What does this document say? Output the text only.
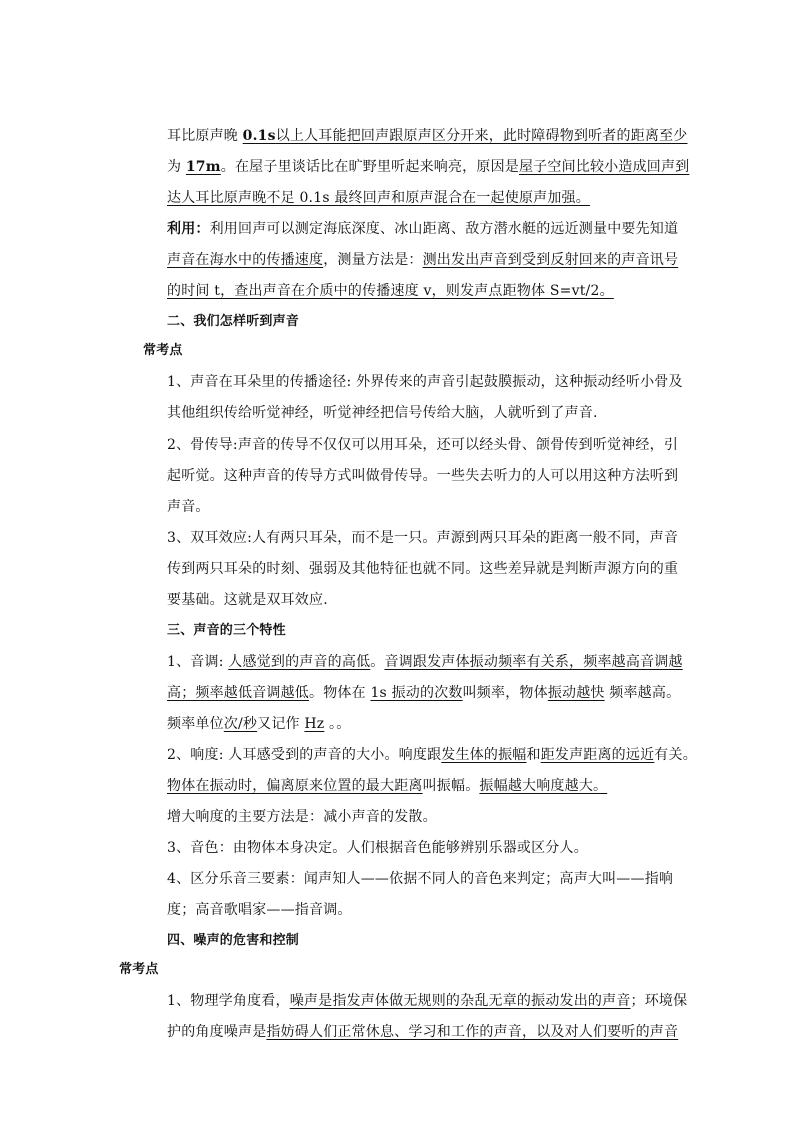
耳比原声晚 0.1s以上人耳能把回声跟原声区分开来，此时障碍物到听者的距离至少
为 17m。在屋子里谈话比在旷野里听起来响亮，原因是屋子空间比较小造成回声到
达人耳比原声晚不足 0.1s 最终回声和原声混合在一起使原声加强。
利用：利用回声可以测定海底深度、冰山距离、敌方潜水艇的远近测量中要先知道
声音在海水中的传播速度，测量方法是：测出发出声音到受到反射回来的声音讯号
的时间 t，查出声音在介质中的传播速度 v，则发声点距物体 S=vt/2。
二、我们怎样听到声音
常考点
1、声音在耳朵里的传播途径: 外界传来的声音引起鼓膜振动，这种振动经听小骨及
其他组织传给听觉神经，听觉神经把信号传给大脑，人就听到了声音.
2、骨传导:声音的传导不仅仅可以用耳朵，还可以经头骨、颌骨传到听觉神经，引
起听觉。这种声音的传导方式叫做骨传导。一些失去听力的人可以用这种方法听到
声音。
3、双耳效应:人有两只耳朵，而不是一只。声源到两只耳朵的距离一般不同，声音
传到两只耳朵的时刻、强弱及其他特征也就不同。这些差异就是判断声源方向的重
要基础。这就是双耳效应.
三、声音的三个特性
1、音调: 人感觉到的声音的高低。音调跟发声体振动频率有关系，频率越高音调越
高；频率越低音调越低。物体在 1s 振动的次数叫频率，物体振动越快 频率越高。
频率单位次/秒又记作 Hz 。。
2、响度: 人耳感受到的声音的大小。响度跟发生体的振幅和距发声距离的远近有关。
物体在振动时，偏离原来位置的最大距离叫振幅。振幅越大响度越大。
增大响度的主要方法是：减小声音的发散。
3、音色：由物体本身决定。人们根据音色能够辨别乐器或区分人。
4、区分乐音三要素：闻声知人——依据不同人的音色来判定；高声大叫——指响
度；高音歌唱家——指音调。
四、噪声的危害和控制
常考点
1、物理学角度看，噪声是指发声体做无规则的杂乱无章的振动发出的声音；环境保
护的角度噪声是指妨碍人们正常休息、学习和工作的声音，以及对人们要听的声音
